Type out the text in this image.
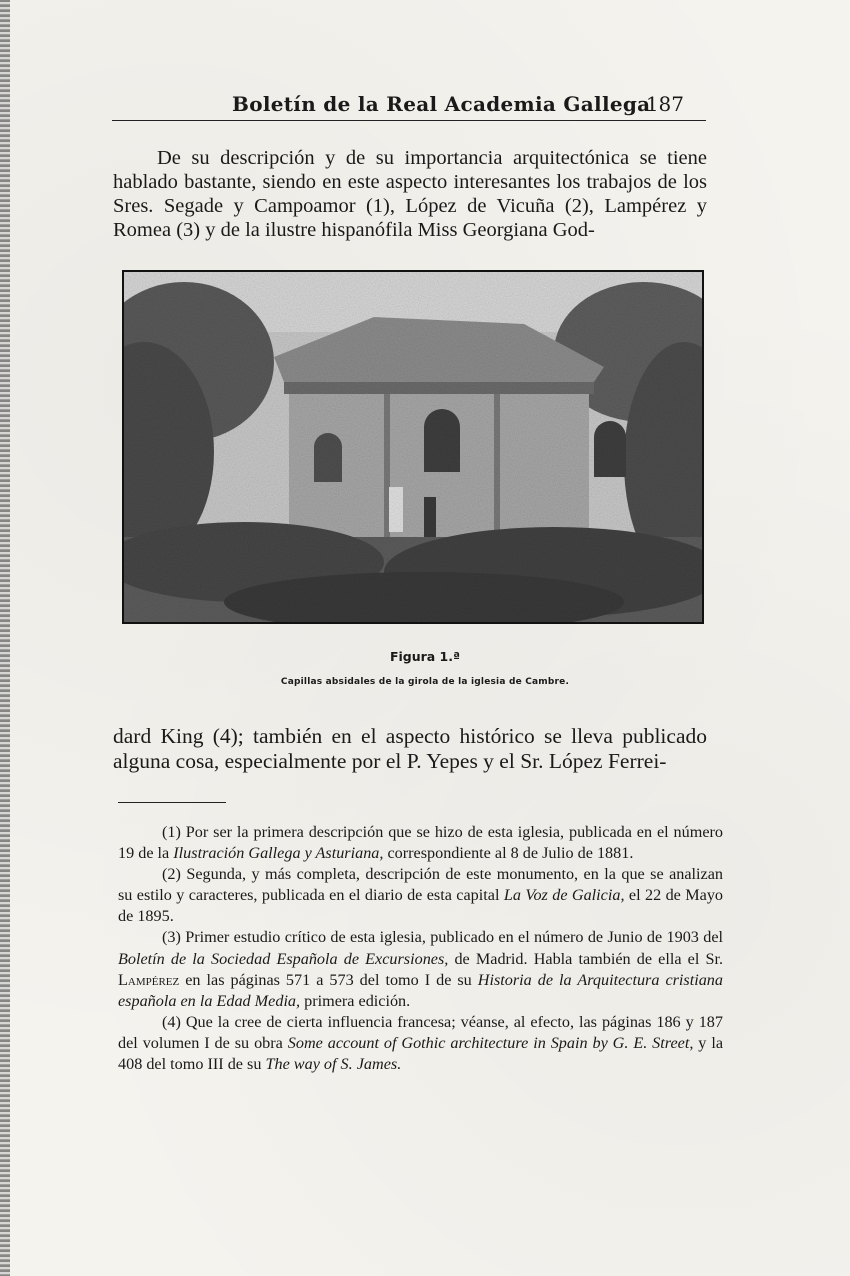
Boletín de la Real Academia Gallega
187

De su descripción y de su importancia arquitectónica se tiene hablado bastante, siendo en este aspecto interesantes los trabajos de los Sres. Segade y Campoamor (1), López de Vicuña (2), Lampérez y Romea (3) y de la ilustre hispanófila Miss Georgiana God-

Figura 1.ª
Capillas absidales de la girola de la iglesia de Cambre.

dard King (4); también en el aspecto histórico se lleva publicado alguna cosa, especialmente por el P. Yepes y el Sr. López Ferrei-

(1) Por ser la primera descripción que se hizo de esta iglesia, publicada en el número 19 de la Ilustración Gallega y Asturiana, correspondiente al 8 de Julio de 1881.

(2) Segunda, y más completa, descripción de este monumento, en la que se analizan su estilo y caracteres, publicada en el diario de esta capital La Voz de Galicia, el 22 de Mayo de 1895.

(3) Primer estudio crítico de esta iglesia, publicado en el número de Junio de 1903 del Boletín de la Sociedad Española de Excursiones, de Madrid. Habla también de ella el Sr. Lampérez en las páginas 571 a 573 del tomo I de su Historia de la Arquitectura cristiana española en la Edad Media, primera edición.

(4) Que la cree de cierta influencia francesa; véanse, al efecto, las páginas 186 y 187 del volumen I de su obra Some account of Gothic architecture in Spain by G. E. Street, y la 408 del tomo III de su The way of S. James.
